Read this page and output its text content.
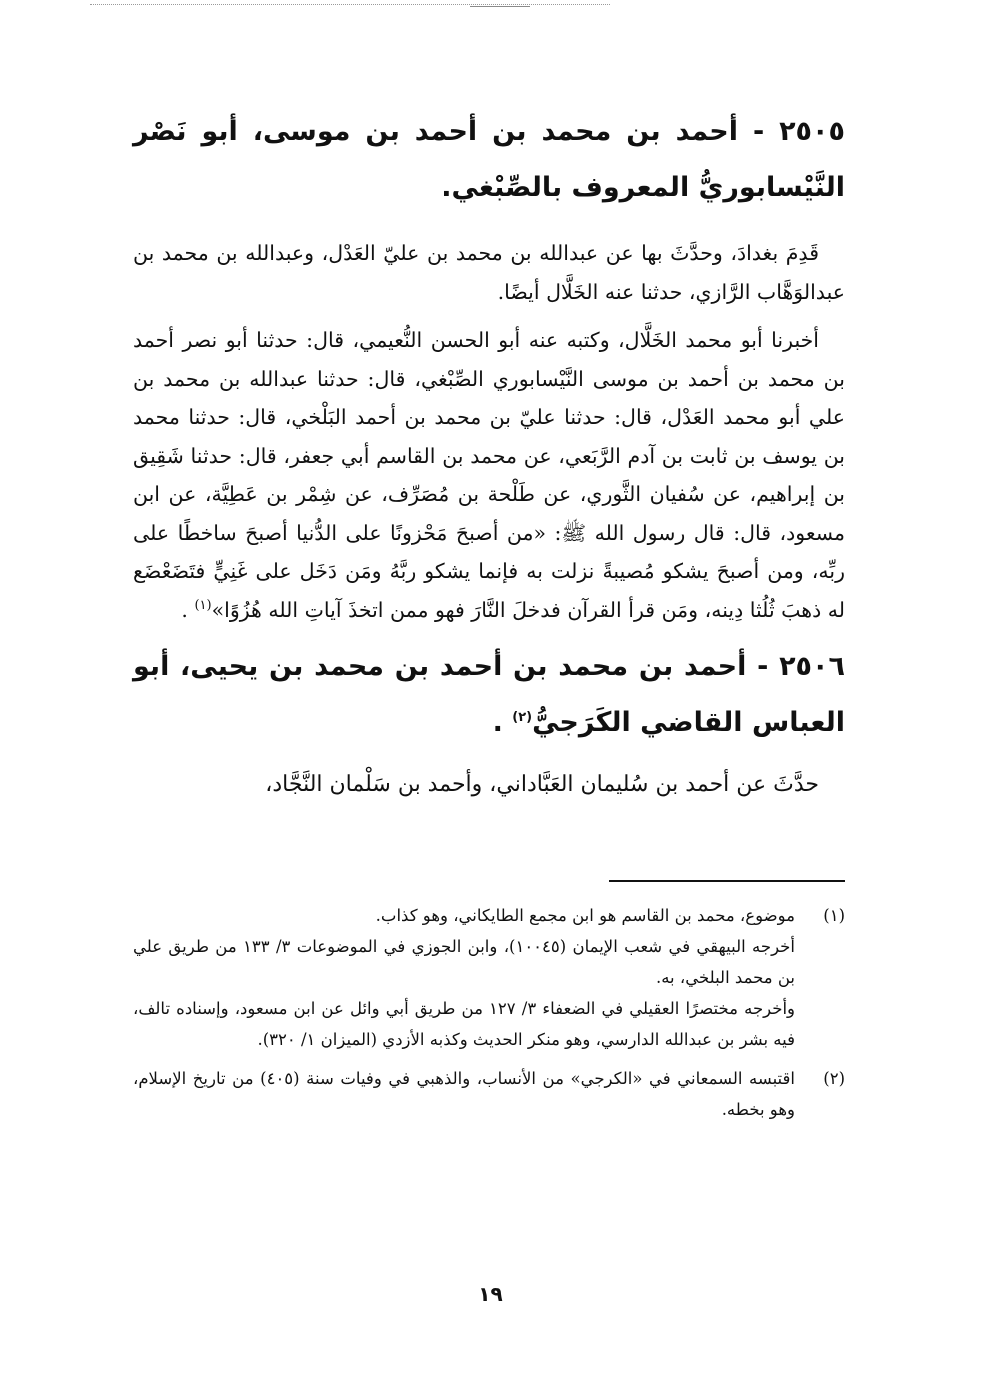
٢٥٠٥ - أحمد بن محمد بن أحمد بن موسى، أبو نَصْر النَّيْسابوريُّ المعروف بالصِّبْغي.

قَدِمَ بغدادَ، وحدَّثَ بها عن عبدالله بن محمد بن عليّ العَدْل، وعبدالله بن محمد بن عبدالوَهَّاب الرَّازي، حدثنا عنه الخَلَّال أيضًا.

أخبرنا أبو محمد الخَلَّال، وكتبه عنه أبو الحسن النُّعيمي، قال: حدثنا أبو نصر أحمد بن محمد بن أحمد بن موسى النَّيْسابوري الصِّبْغي، قال: حدثنا عبدالله بن محمد بن علي أبو محمد العَدْل، قال: حدثنا عليّ بن محمد بن أحمد البَلْخي، قال: حدثنا محمد بن يوسف بن ثابت بن آدم الرَّبَعي، عن محمد بن القاسم أبي جعفر، قال: حدثنا شَقِيق بن إبراهيم، عن سُفيان الثَّوري، عن طَلْحة بن مُصَرِّف، عن شِمْر بن عَطِيَّة، عن ابن مسعود، قال: قال رسول الله ﷺ: «من أصبحَ مَحْزونًا على الدُّنيا أصبحَ ساخطًا على ربِّه، ومن أصبحَ يشكو مُصيبةً نزلت به فإنما يشكو ربَّهُ ومَن دَخَل على غَنِيٍّ فتَضَعْضَع له ذهبَ ثُلُثا دِينه، ومَن قرأ القرآن فدخلَ النَّارَ فهو ممن اتخذَ آياتِ الله هُزُوًا»$^{(١)}$ .

٢٥٠٦ - أحمد بن محمد بن أحمد بن محمد بن يحيى، أبو العباس القاضي الكَرَجيُّ$^{(٢)}$ .

حدَّثَ عن أحمد بن سُليمان العَبَّاداني، وأحمد بن سَلْمان النَّجَّاد،

(١)
موضوع، محمد بن القاسم هو ابن مجمع الطايكاني، وهو كذاب.
أخرجه البيهقي في شعب الإيمان (١٠٠٤٥)، وابن الجوزي في الموضوعات ٣/ ١٣٣ من طريق علي بن محمد البلخي، به.
وأخرجه مختصرًا العقيلي في الضعفاء ٣/ ١٢٧ من طريق أبي وائل عن ابن مسعود، وإسناده تالف، فيه بشر بن عبدالله الدارسي، وهو منكر الحديث وكذبه الأزدي (الميزان ١/ ٣٢٠).
(٢)
اقتبسه السمعاني في «الكرجي» من الأنساب، والذهبي في وفيات سنة (٤٠٥) من تاريخ الإسلام، وهو بخطه.
١٩
